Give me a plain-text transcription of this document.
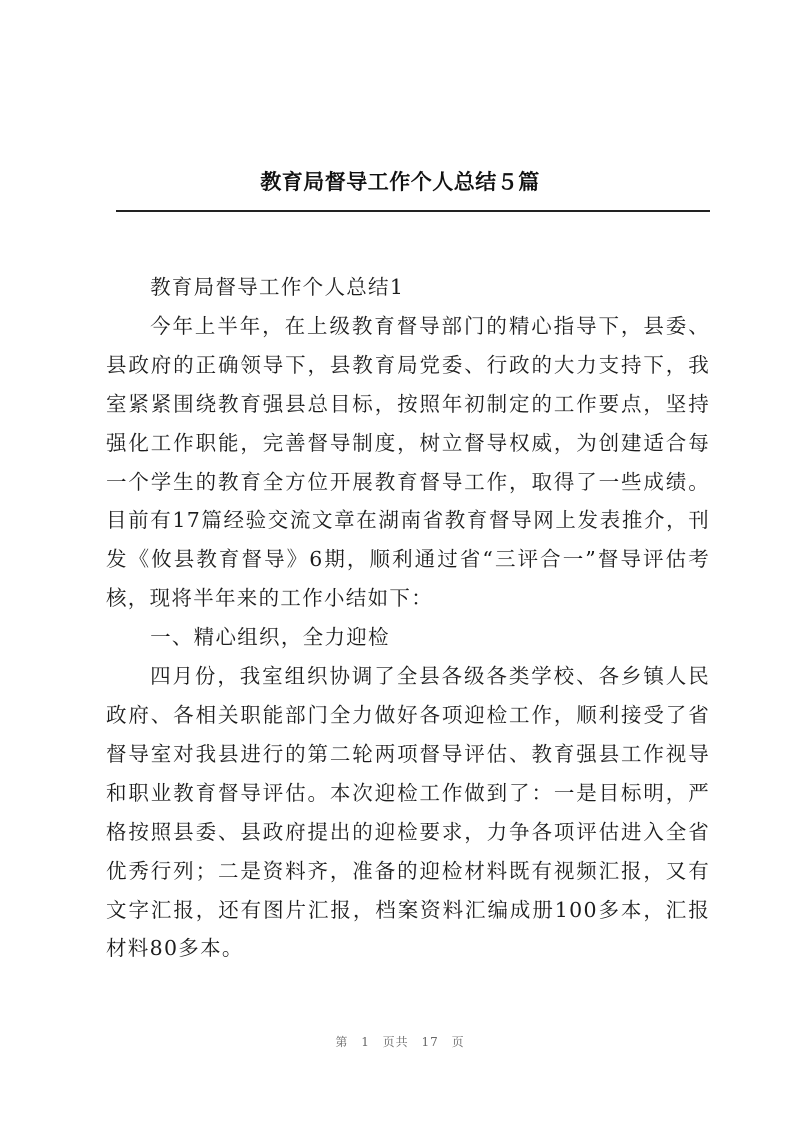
教育局督导工作个人总结５篇

教育局督导工作个人总结1

今年上半年，在上级教育督导部门的精心指导下，县委、县政府的正确领导下，县教育局党委、行政的大力支持下，我室紧紧围绕教育强县总目标，按照年初制定的工作要点，坚持强化工作职能，完善督导制度，树立督导权威，为创建适合每一个学生的教育全方位开展教育督导工作，取得了一些成绩。目前有17篇经验交流文章在湖南省教育督导网上发表推介，刊发《攸县教育督导》6期，顺利通过省“三评合一”督导评估考核，现将半年来的工作小结如下：

一、精心组织，全力迎检

四月份，我室组织协调了全县各级各类学校、各乡镇人民政府、各相关职能部门全力做好各项迎检工作，顺利接受了省督导室对我县进行的第二轮两项督导评估、教育强县工作视导和职业教育督导评估。本次迎检工作做到了：一是目标明，严格按照县委、县政府提出的迎检要求，力争各项评估进入全省优秀行列；二是资料齐，准备的迎检材料既有视频汇报，又有文字汇报，还有图片汇报，档案资料汇编成册100多本，汇报材料80多本。

第 1 页共 17 页
